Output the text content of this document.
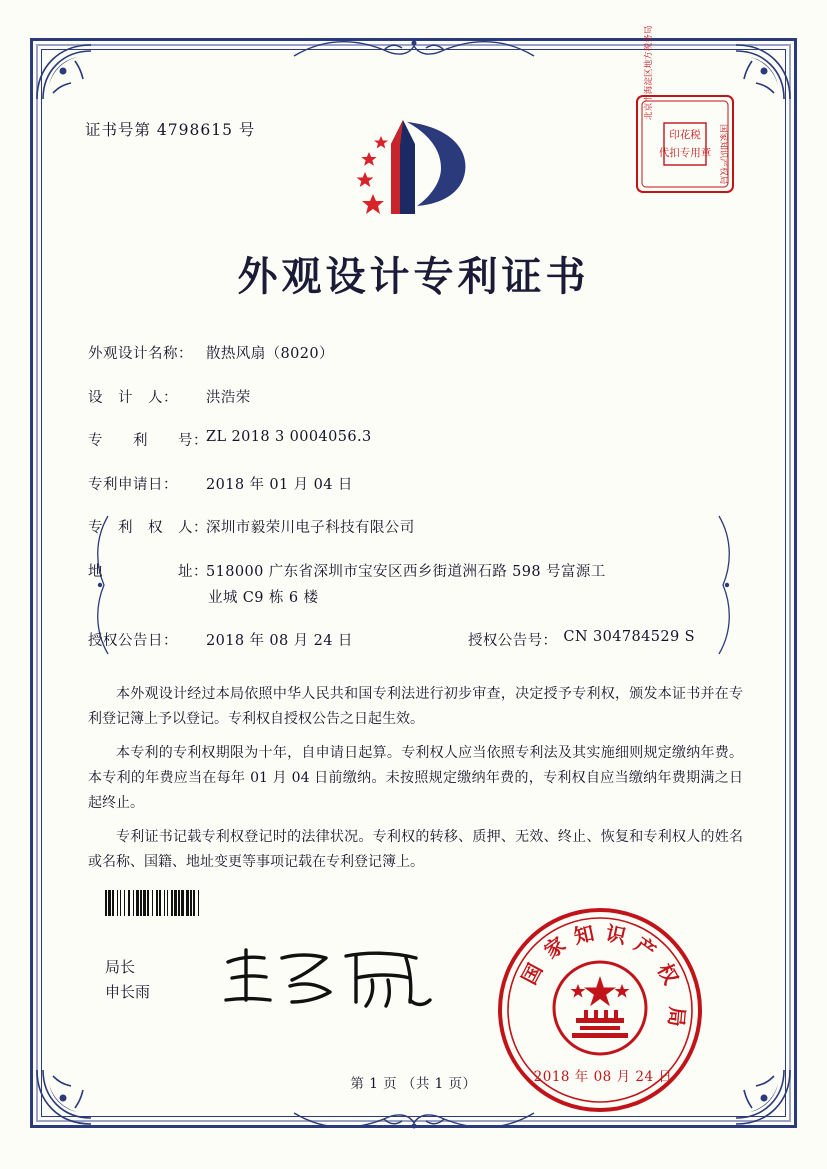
证书号第 4798615 号	印花税
代扣专用章
北京市海淀区地方税务局
国家知识产权局
外观设计专利证书
外观设计名称： 散热风扇（8020）
设　计　人：	洪浩荣
专　　利　　号：
ZL 2018 3 0004056.3
专利申请日：	2018 年 01 月 04 日
专　利　权　人：
深圳市毅荣川电子科技有限公司
地　　　　　址：
518000 广东省深圳市宝安区西乡街道洲石路 598 号富源工
业城 C9 栋 6 楼
授权公告日：	2018 年 08 月 24 日	授权公告号： CN 304784529 S

本外观设计经过本局依照中华人民共和国专利法进行初步审查，决定授予专利权，颁发本证书并在专利登记簿上予以登记。专利权自授权公告之日起生效。

本专利的专利权期限为十年，自申请日起算。专利权人应当依照专利法及其实施细则规定缴纳年费。本专利的年费应当在每年 01 月 04 日前缴纳。未按照规定缴纳年费的，专利权自应当缴纳年费期满之日起终止。

专利证书记载专利权登记时的法律状况。专利权的转移、质押、无效、终止、恢复和专利权人的姓名或名称、国籍、地址变更等事项记载在专利登记簿上。

局长
申长雨
国
家 知 识 产
权
局
2018 年 08 月 24 日
第 1 页 （共 1 页）
